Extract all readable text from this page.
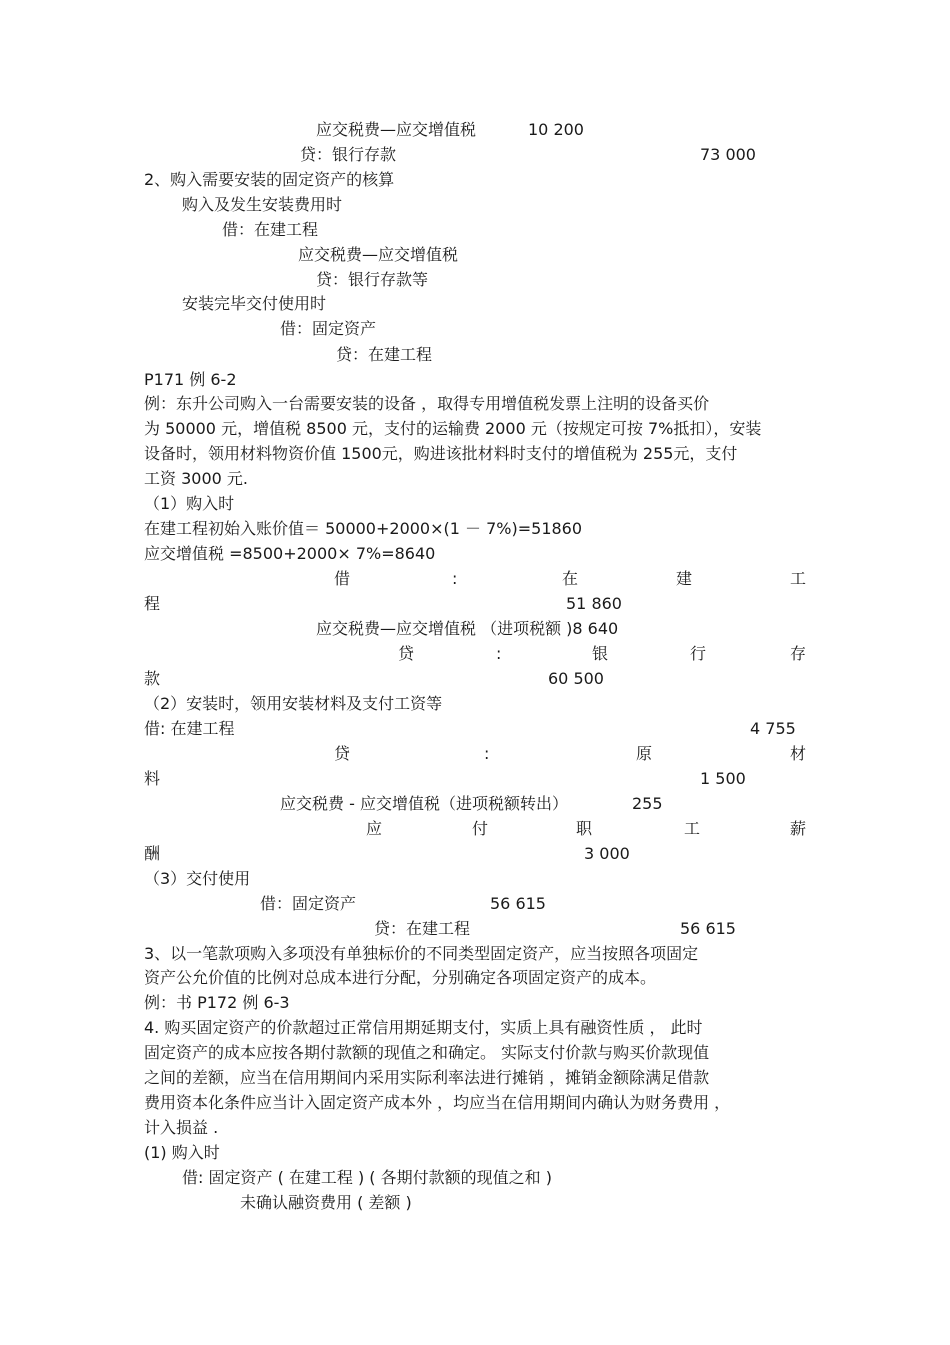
应交税费—应交增值税	10 200
贷：银行存款	73 000
2、购入需要安装的固定资产的核算
购入及发生安装费用时
借：在建工程
应交税费—应交增值税
贷：银行存款等
安装完毕交付使用时
借：固定资产
贷：在建工程
P171 例 6-2
例：东升公司购入一台需要安装的设备 ，取得专用增值税发票上注明的设备买价
为 50000 元，增值税 8500 元，支付的运输费 2000 元（按规定可按 7%抵扣），安装
设备时，领用材料物资价值 1500元，购进该批材料时支付的增值税为 255元，支付
工资 3000 元.
（1）购入时
在建工程初始入账价值＝ 50000+2000×(1 － 7%)=51860
应交增值税 =8500+2000× 7%=8640
借	:	在	建	工
程	51 860
应交税费—应交增值税 （进项税额 )8 640
贷	:	银	行	存
款	60 500
（2）安装时，领用安装材料及支付工资等
借: 在建工程	4 755
贷	:	原	材
料	1 500
应交税费 - 应交增值税（进项税额转出）	255
应	付	职	工	薪
酬	3 000
（3）交付使用
借：固定资产	56 615
贷：在建工程	56 615
3、以一笔款项购入多项没有单独标价的不同类型固定资产，应当按照各项固定
资产公允价值的比例对总成本进行分配，分别确定各项固定资产的成本。
例：书 P172 例 6-3
4. 购买固定资产的价款超过正常信用期延期支付，实质上具有融资性质 ， 此时
固定资产的成本应按各期付款额的现值之和确定。 实际支付价款与购买价款现值
之间的差额，应当在信用期间内采用实际利率法进行摊销 ，摊销金额除满足借款
费用资本化条件应当计入固定资产成本外 ，均应当在信用期间内确认为财务费用 ，
计入损益 .
(1) 购入时
借: 固定资产 ( 在建工程 ) ( 各期付款额的现值之和 )
未确认融资费用 ( 差额 )
